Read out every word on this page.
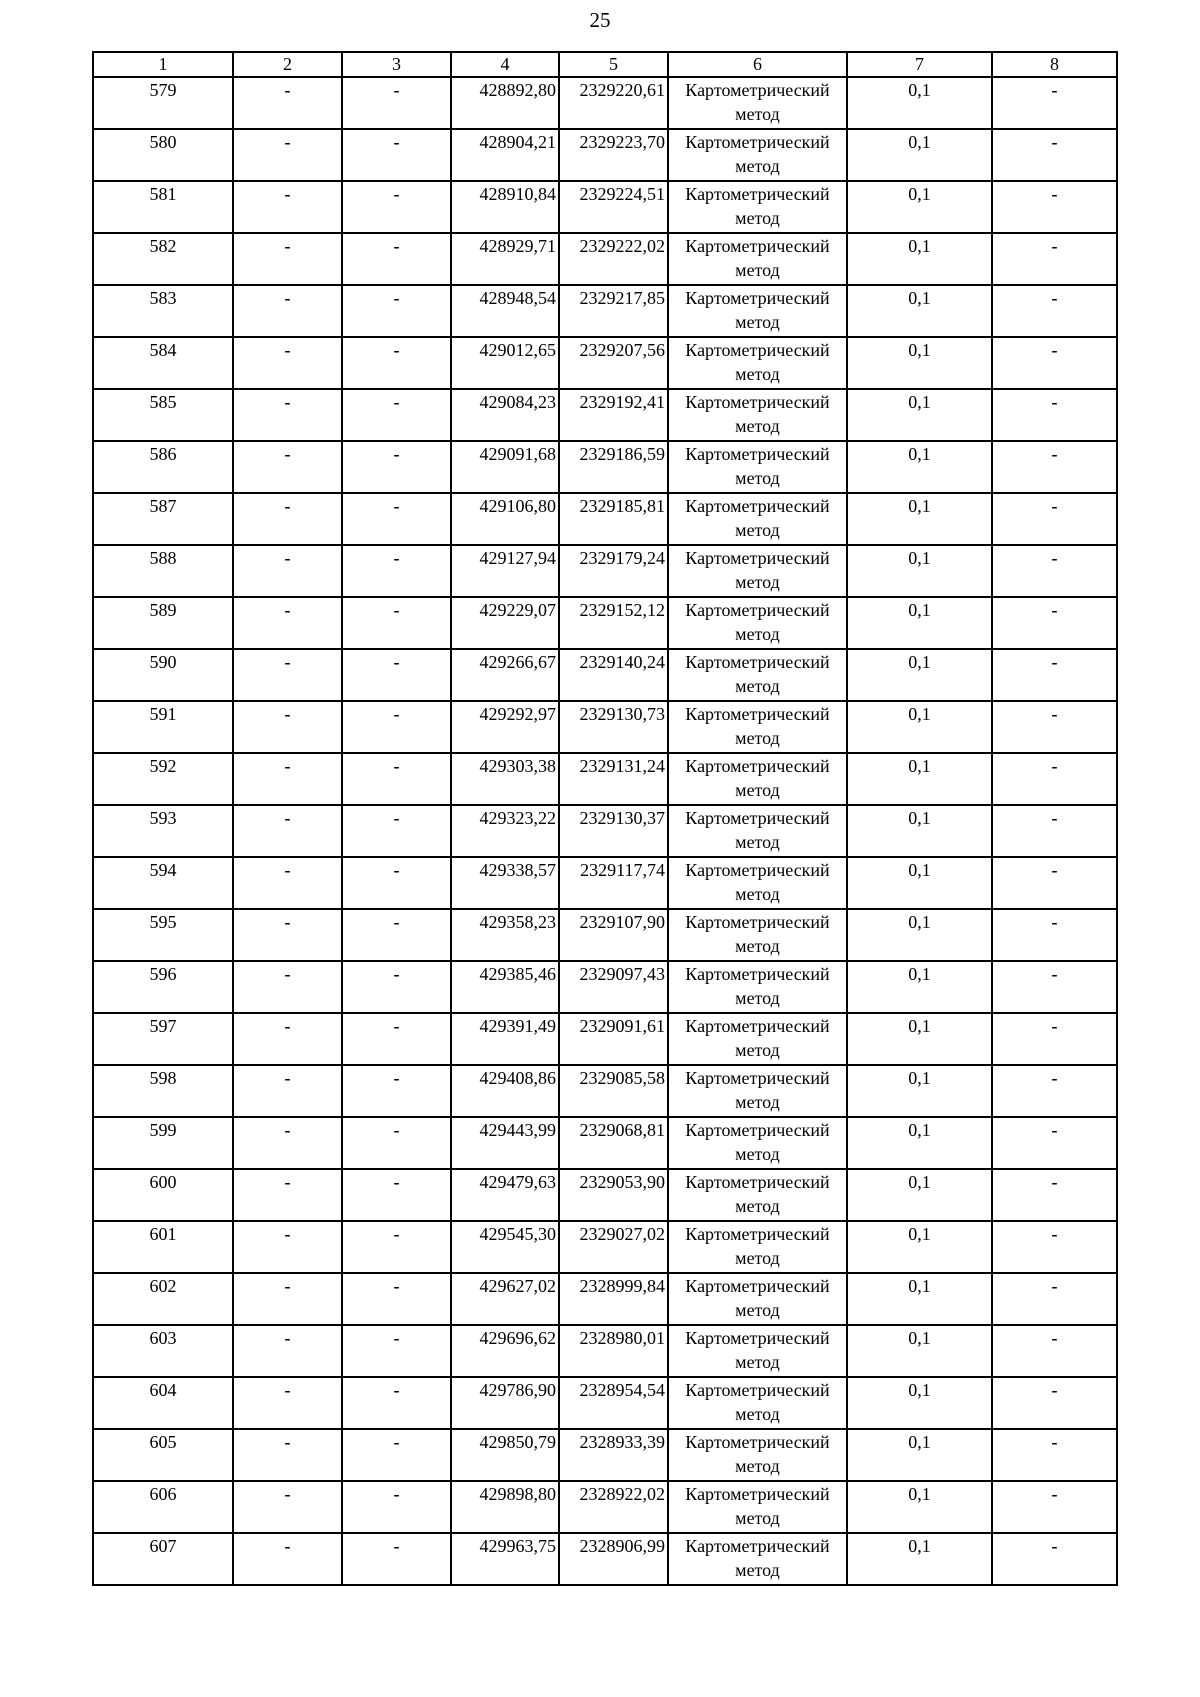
25
1	2	3	4	5	6	7	8
579	-	-	428892,80	2329220,61	Картометрический метод	0,1	-
580	-	-	428904,21	2329223,70	Картометрический метод	0,1	-
581	-	-	428910,84	2329224,51	Картометрический метод	0,1	-
582	-	-	428929,71	2329222,02	Картометрический метод	0,1	-
583	-	-	428948,54	2329217,85	Картометрический метод	0,1	-
584	-	-	429012,65	2329207,56	Картометрический метод	0,1	-
585	-	-	429084,23	2329192,41	Картометрический метод	0,1	-
586	-	-	429091,68	2329186,59	Картометрический метод	0,1	-
587	-	-	429106,80	2329185,81	Картометрический метод	0,1	-
588	-	-	429127,94	2329179,24	Картометрический метод	0,1	-
589	-	-	429229,07	2329152,12	Картометрический метод	0,1	-
590	-	-	429266,67	2329140,24	Картометрический метод	0,1	-
591	-	-	429292,97	2329130,73	Картометрический метод	0,1	-
592	-	-	429303,38	2329131,24	Картометрический метод	0,1	-
593	-	-	429323,22	2329130,37	Картометрический метод	0,1	-
594	-	-	429338,57	2329117,74	Картометрический метод	0,1	-
595	-	-	429358,23	2329107,90	Картометрический метод	0,1	-
596	-	-	429385,46	2329097,43	Картометрический метод	0,1	-
597	-	-	429391,49	2329091,61	Картометрический метод	0,1	-
598	-	-	429408,86	2329085,58	Картометрический метод	0,1	-
599	-	-	429443,99	2329068,81	Картометрический метод	0,1	-
600	-	-	429479,63	2329053,90	Картометрический метод	0,1	-
601	-	-	429545,30	2329027,02	Картометрический метод	0,1	-
602	-	-	429627,02	2328999,84	Картометрический метод	0,1	-
603	-	-	429696,62	2328980,01	Картометрический метод	0,1	-
604	-	-	429786,90	2328954,54	Картометрический метод	0,1	-
605	-	-	429850,79	2328933,39	Картометрический метод	0,1	-
606	-	-	429898,80	2328922,02	Картометрический метод	0,1	-
607	-	-	429963,75	2328906,99	Картометрический метод	0,1	-
